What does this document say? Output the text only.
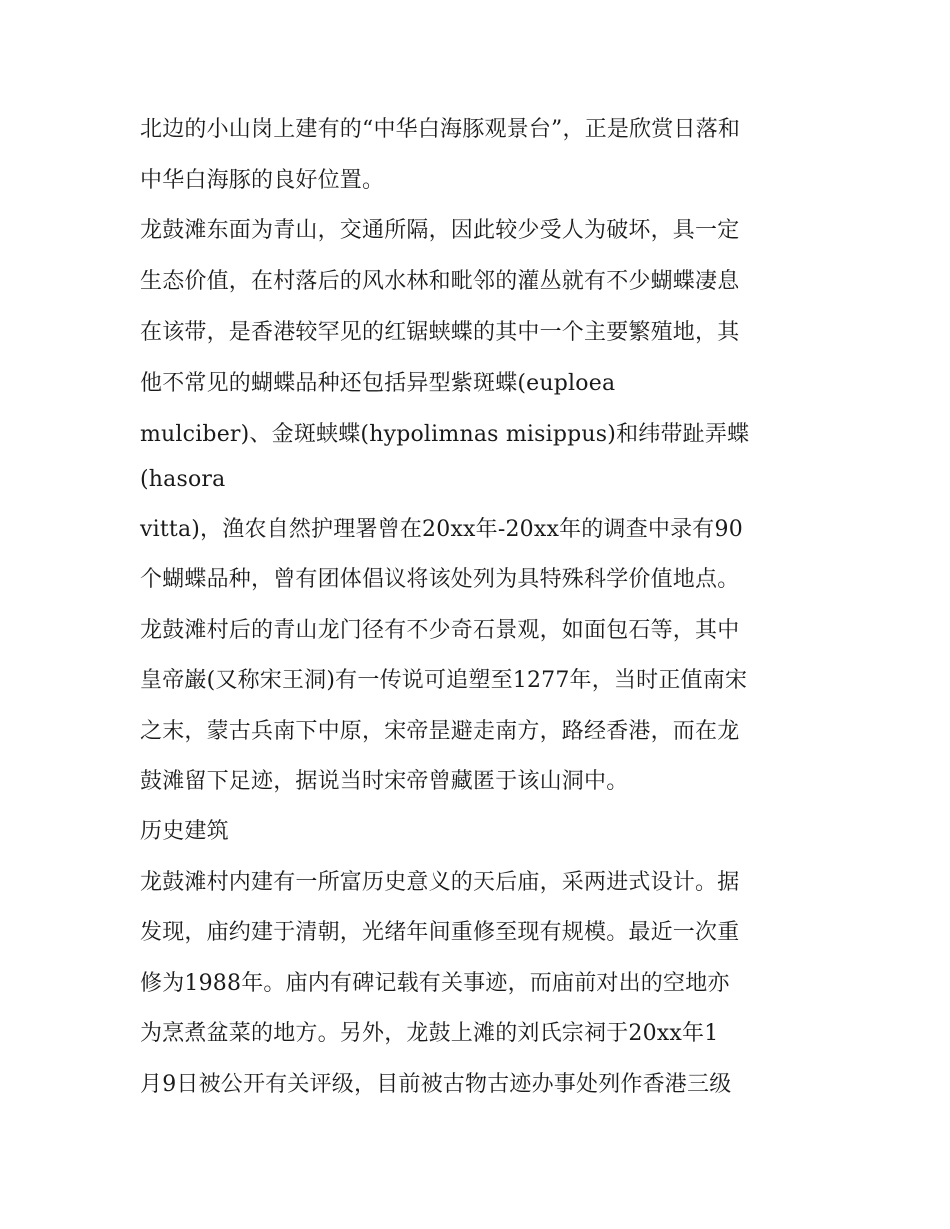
北边的小山岗上建有的“中华白海豚观景台”，正是欣赏日落和
中华白海豚的良好位置。
龙鼓滩东面为青山，交通所隔，因此较少受人为破坏，具一定
生态价值，在村落后的风水林和毗邻的灌丛就有不少蝴蝶凄息
在该带，是香港较罕见的红锯蛱蝶的其中一个主要繁殖地，其
他不常见的蝴蝶品种还包括异型紫斑蝶(euploea
mulciber)、金斑蛱蝶(hypolimnas misippus)和纬带趾弄蝶
(hasora
vitta)，渔农自然护理署曾在20xx年-20xx年的调查中录有90
个蝴蝶品种，曾有团体倡议将该处列为具特殊科学价值地点。
龙鼓滩村后的青山龙门径有不少奇石景观，如面包石等，其中
皇帝巌(又称宋王洞)有一传说可追塑至1277年，当时正值南宋
之末，蒙古兵南下中原，宋帝昰避走南方，路经香港，而在龙
鼓滩留下足迹，据说当时宋帝曾藏匿于该山洞中。
历史建筑
龙鼓滩村内建有一所富历史意义的天后庙，采两进式设计。据
发现，庙约建于清朝，光绪年间重修至现有规模。最近一次重
修为1988年。庙内有碑记载有关事迹，而庙前对出的空地亦
为烹煮盆菜的地方。另外，龙鼓上滩的刘氏宗祠于20xx年1
月9日被公开有关评级，目前被古物古迹办事处列作香港三级
